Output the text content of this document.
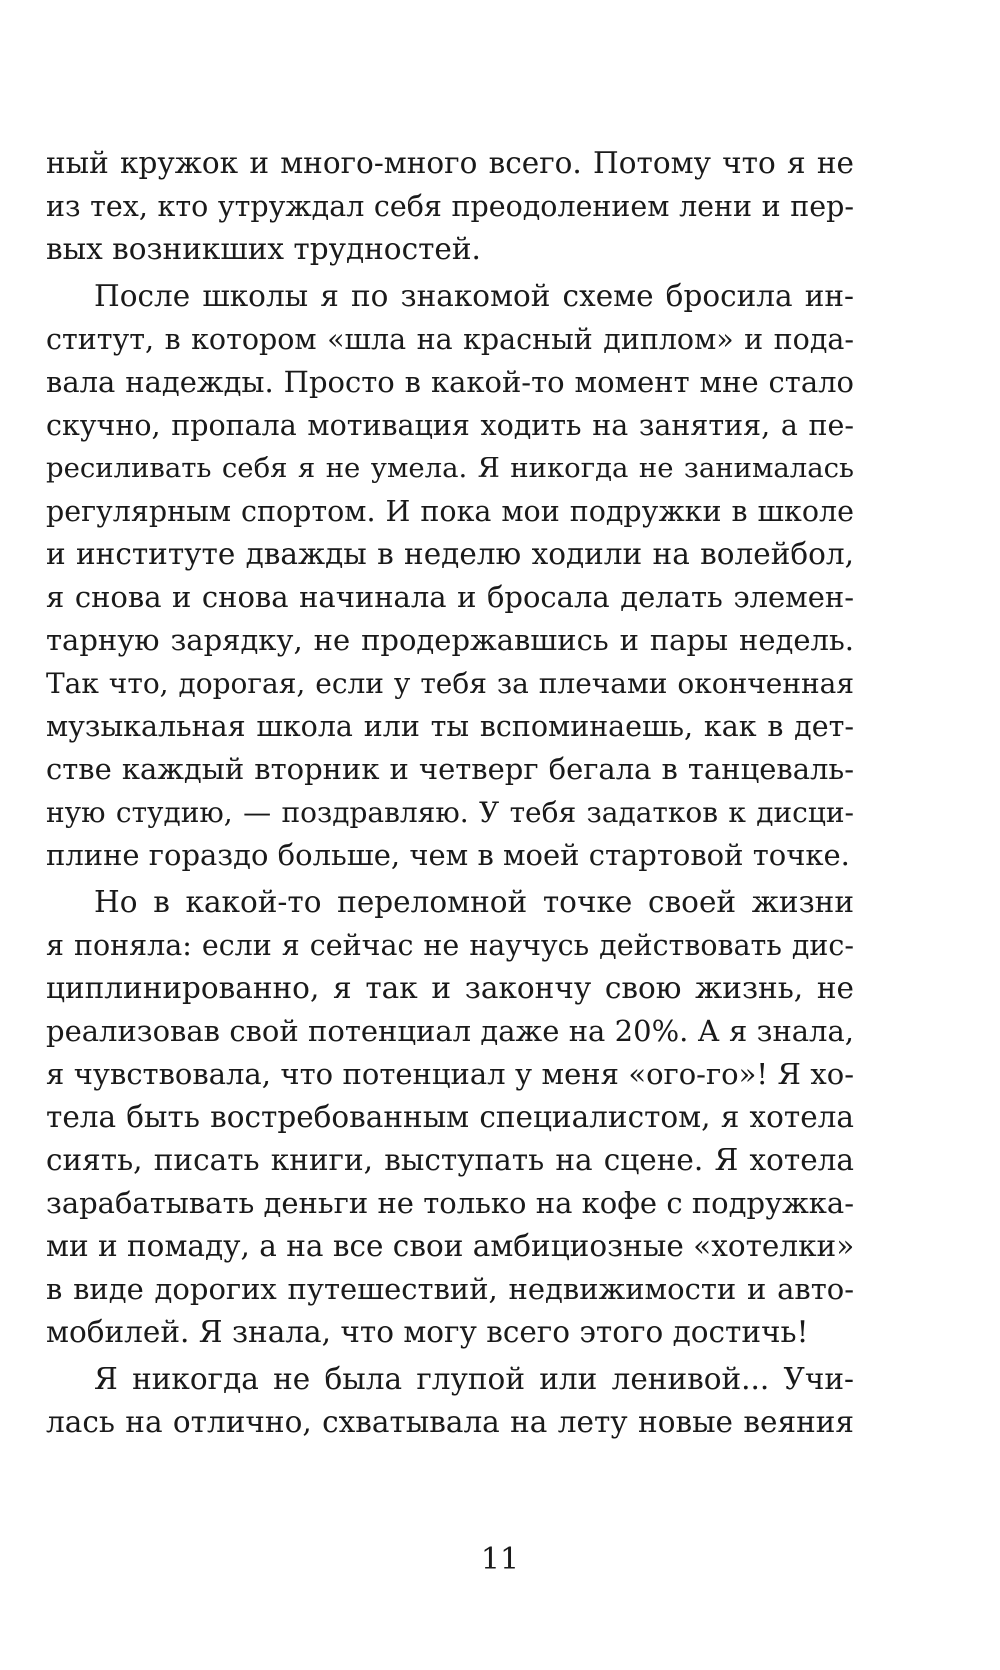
ный кружок и много-много всего. Потому что я не
из тех, кто утруждал себя преодолением лени и пер-
вых возникших трудностей.
После школы я по знакомой схеме бросила ин-
ститут, в котором «шла на красный диплом» и пода-
вала надежды. Просто в какой-то момент мне стало
скучно, пропала мотивация ходить на занятия, а пе-
ресиливать себя я не умела. Я никогда не занималась
регулярным спортом. И пока мои подружки в школе
и институте дважды в неделю ходили на волейбол,
я снова и снова начинала и бросала делать элемен-
тарную зарядку, не продержавшись и пары недель.
Так что, дорогая, если у тебя за плечами оконченная
музыкальная школа или ты вспоминаешь, как в дет-
стве каждый вторник и четверг бегала в танцеваль-
ную студию, — поздравляю. У тебя задатков к дисци-
плине гораздо больше, чем в моей стартовой точке.
Но в какой-то переломной точке своей жизни
я поняла: если я сейчас не научусь действовать дис-
циплинированно, я так и закончу свою жизнь, не
реализовав свой потенциал даже на 20%. А я знала,
я чувствовала, что потенциал у меня «ого-го»! Я хо-
тела быть востребованным специалистом, я хотела
сиять, писать книги, выступать на сцене. Я хотела
зарабатывать деньги не только на кофе с подружка-
ми и помаду, а на все свои амбициозные «хотелки»
в виде дорогих путешествий, недвижимости и авто-
мобилей. Я знала, что могу всего этого достичь!
Я никогда не была глупой или ленивой... Учи-
лась на отлично, схватывала на лету новые веяния
11
